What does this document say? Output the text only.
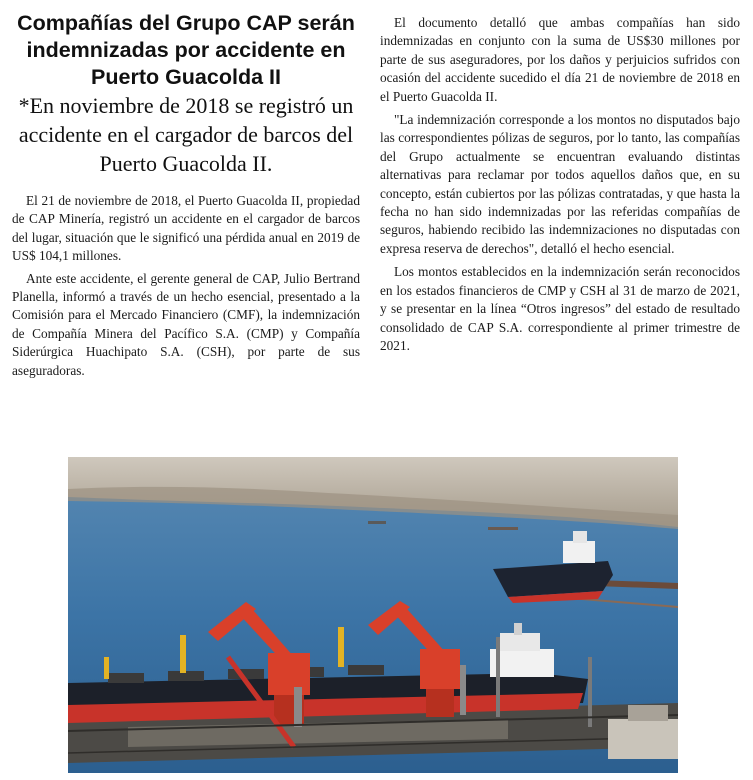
Compañías del Grupo CAP serán indemnizadas por accidente en Puerto Guacolda II
*En noviembre de 2018 se registró un accidente en el cargador de barcos del Puerto Guacolda II.

El 21 de noviembre de 2018, el Puerto Guacolda II, propiedad de CAP Minería, registró un accidente en el cargador de barcos del lugar, situación que le significó una pérdida anual en 2019 de US$ 104,1 millones.

Ante este accidente, el gerente general de CAP, Julio Bertrand Planella, informó a través de un hecho esencial, presentado a la Comisión para el Mercado Financiero (CMF), la indemnización de Compañía Minera del Pacífico S.A. (CMP) y Compañía Siderúrgica Huachipato S.A. (CSH), por parte de sus aseguradoras.

El documento detalló que ambas compañías han sido indemnizadas en conjunto con la suma de US$30 millones por parte de sus aseguradores, por los daños y perjuicios sufridos con ocasión del accidente sucedido el día 21 de noviembre de 2018 en el Puerto Guacolda II.

"La indemnización corresponde a los montos no disputados bajo las correspondientes pólizas de seguros, por lo tanto, las compañías del Grupo actualmente se encuentran evaluando distintas alternativas para reclamar por todos aquellos daños que, en su concepto, están cubiertos por las pólizas contratadas, y que hasta la fecha no han sido indemnizadas por las referidas compañías de seguros, habiendo recibido las indemnizaciones no disputadas con expresa reserva de derechos", detalló el hecho esencial.

Los montos establecidos en la indemnización serán reconocidos en los estados financieros de CMP y CSH al 31 de marzo de 2021, y se presentar en la línea “Otros ingresos” del estado de resultado consolidado de CAP S.A. correspondiente al primer trimestre de 2021.
